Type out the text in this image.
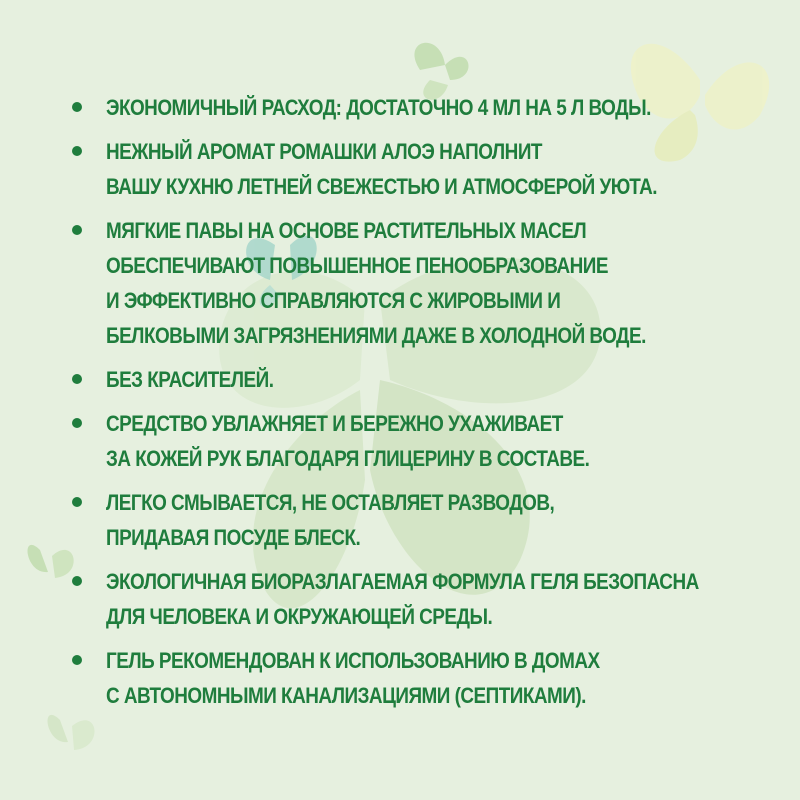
ЭКОНОМИЧНЫЙ РАСХОД: ДОСТАТОЧНО 4 МЛ НА 5 Л ВОДЫ.
НЕЖНЫЙ АРОМАТ РОМАШКИ АЛОЭ НАПОЛНИТ
ВАШУ КУХНЮ ЛЕТНЕЙ СВЕЖЕСТЬЮ И АТМОСФЕРОЙ УЮТА.
МЯГКИЕ ПАВЫ НА ОСНОВЕ РАСТИТЕЛЬНЫХ МАСЕЛ
ОБЕСПЕЧИВАЮТ ПОВЫШЕННОЕ ПЕНООБРАЗОВАНИЕ
И ЭФФЕКТИВНО СПРАВЛЯЮТСЯ С ЖИРОВЫМИ И
БЕЛКОВЫМИ ЗАГРЯЗНЕНИЯМИ ДАЖЕ В ХОЛОДНОЙ ВОДЕ.
БЕЗ КРАСИТЕЛЕЙ.
СРЕДСТВО УВЛАЖНЯЕТ И БЕРЕЖНО УХАЖИВАЕТ
ЗА КОЖЕЙ РУК БЛАГОДАРЯ ГЛИЦЕРИНУ В СОСТАВЕ.
ЛЕГКО СМЫВАЕТСЯ, НЕ ОСТАВЛЯЕТ РАЗВОДОВ,
ПРИДАВАЯ ПОСУДЕ БЛЕСК.
ЭКОЛОГИЧНАЯ БИОРАЗЛАГАЕМАЯ ФОРМУЛА ГЕЛЯ БЕЗОПАСНА
ДЛЯ ЧЕЛОВЕКА И ОКРУЖАЮЩЕЙ СРЕДЫ.
ГЕЛЬ РЕКОМЕНДОВАН К ИСПОЛЬЗОВАНИЮ В ДОМАХ
С АВТОНОМНЫМИ КАНАЛИЗАЦИЯМИ (СЕПТИКАМИ).
